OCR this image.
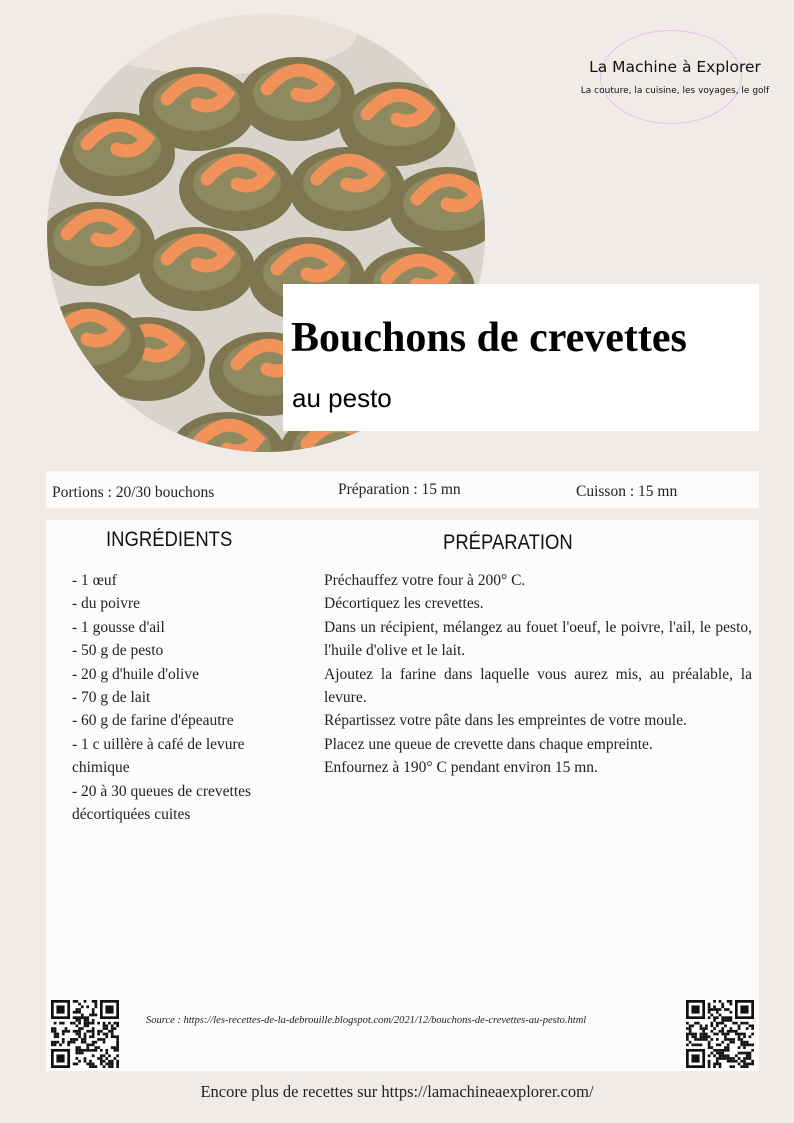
La Machine à Explorer
La couture, la cuisine, les voyages, le golf
Bouchons de crevettes
au pesto
Portions : 20/30 bouchons	Préparation : 15 mn	Cuisson : 15 mn
INGRÉDIENTS	PRÉPARATION

- 1 œuf

- du poivre

- 1 gousse d'ail

- 50 g de pesto

- 20 g d'huile d'olive

- 70 g de lait

- 60 g de farine d'épeautre

- 1 c uillère à café de levure chimique

- 20 à 30 queues de crevettes décortiquées cuites

Préchauffez votre four à 200° C.

Décortiquez les crevettes.

Dans un récipient, mélangez au fouet l'oeuf, le poivre, l'ail, le pesto, l'huile d'olive et le lait.

Ajoutez la farine dans laquelle vous aurez mis, au préalable, la levure.

Répartissez votre pâte dans les empreintes de votre moule.

Placez une queue de crevette dans chaque empreinte.

Enfournez à 190° C pendant environ 15 mn.

Source : https://les-recettes-de-la-debrouille.blogspot.com/2021/12/bouchons-de-crevettes-au-pesto.html
Encore plus de recettes sur https://lamachineaexplorer.com/
